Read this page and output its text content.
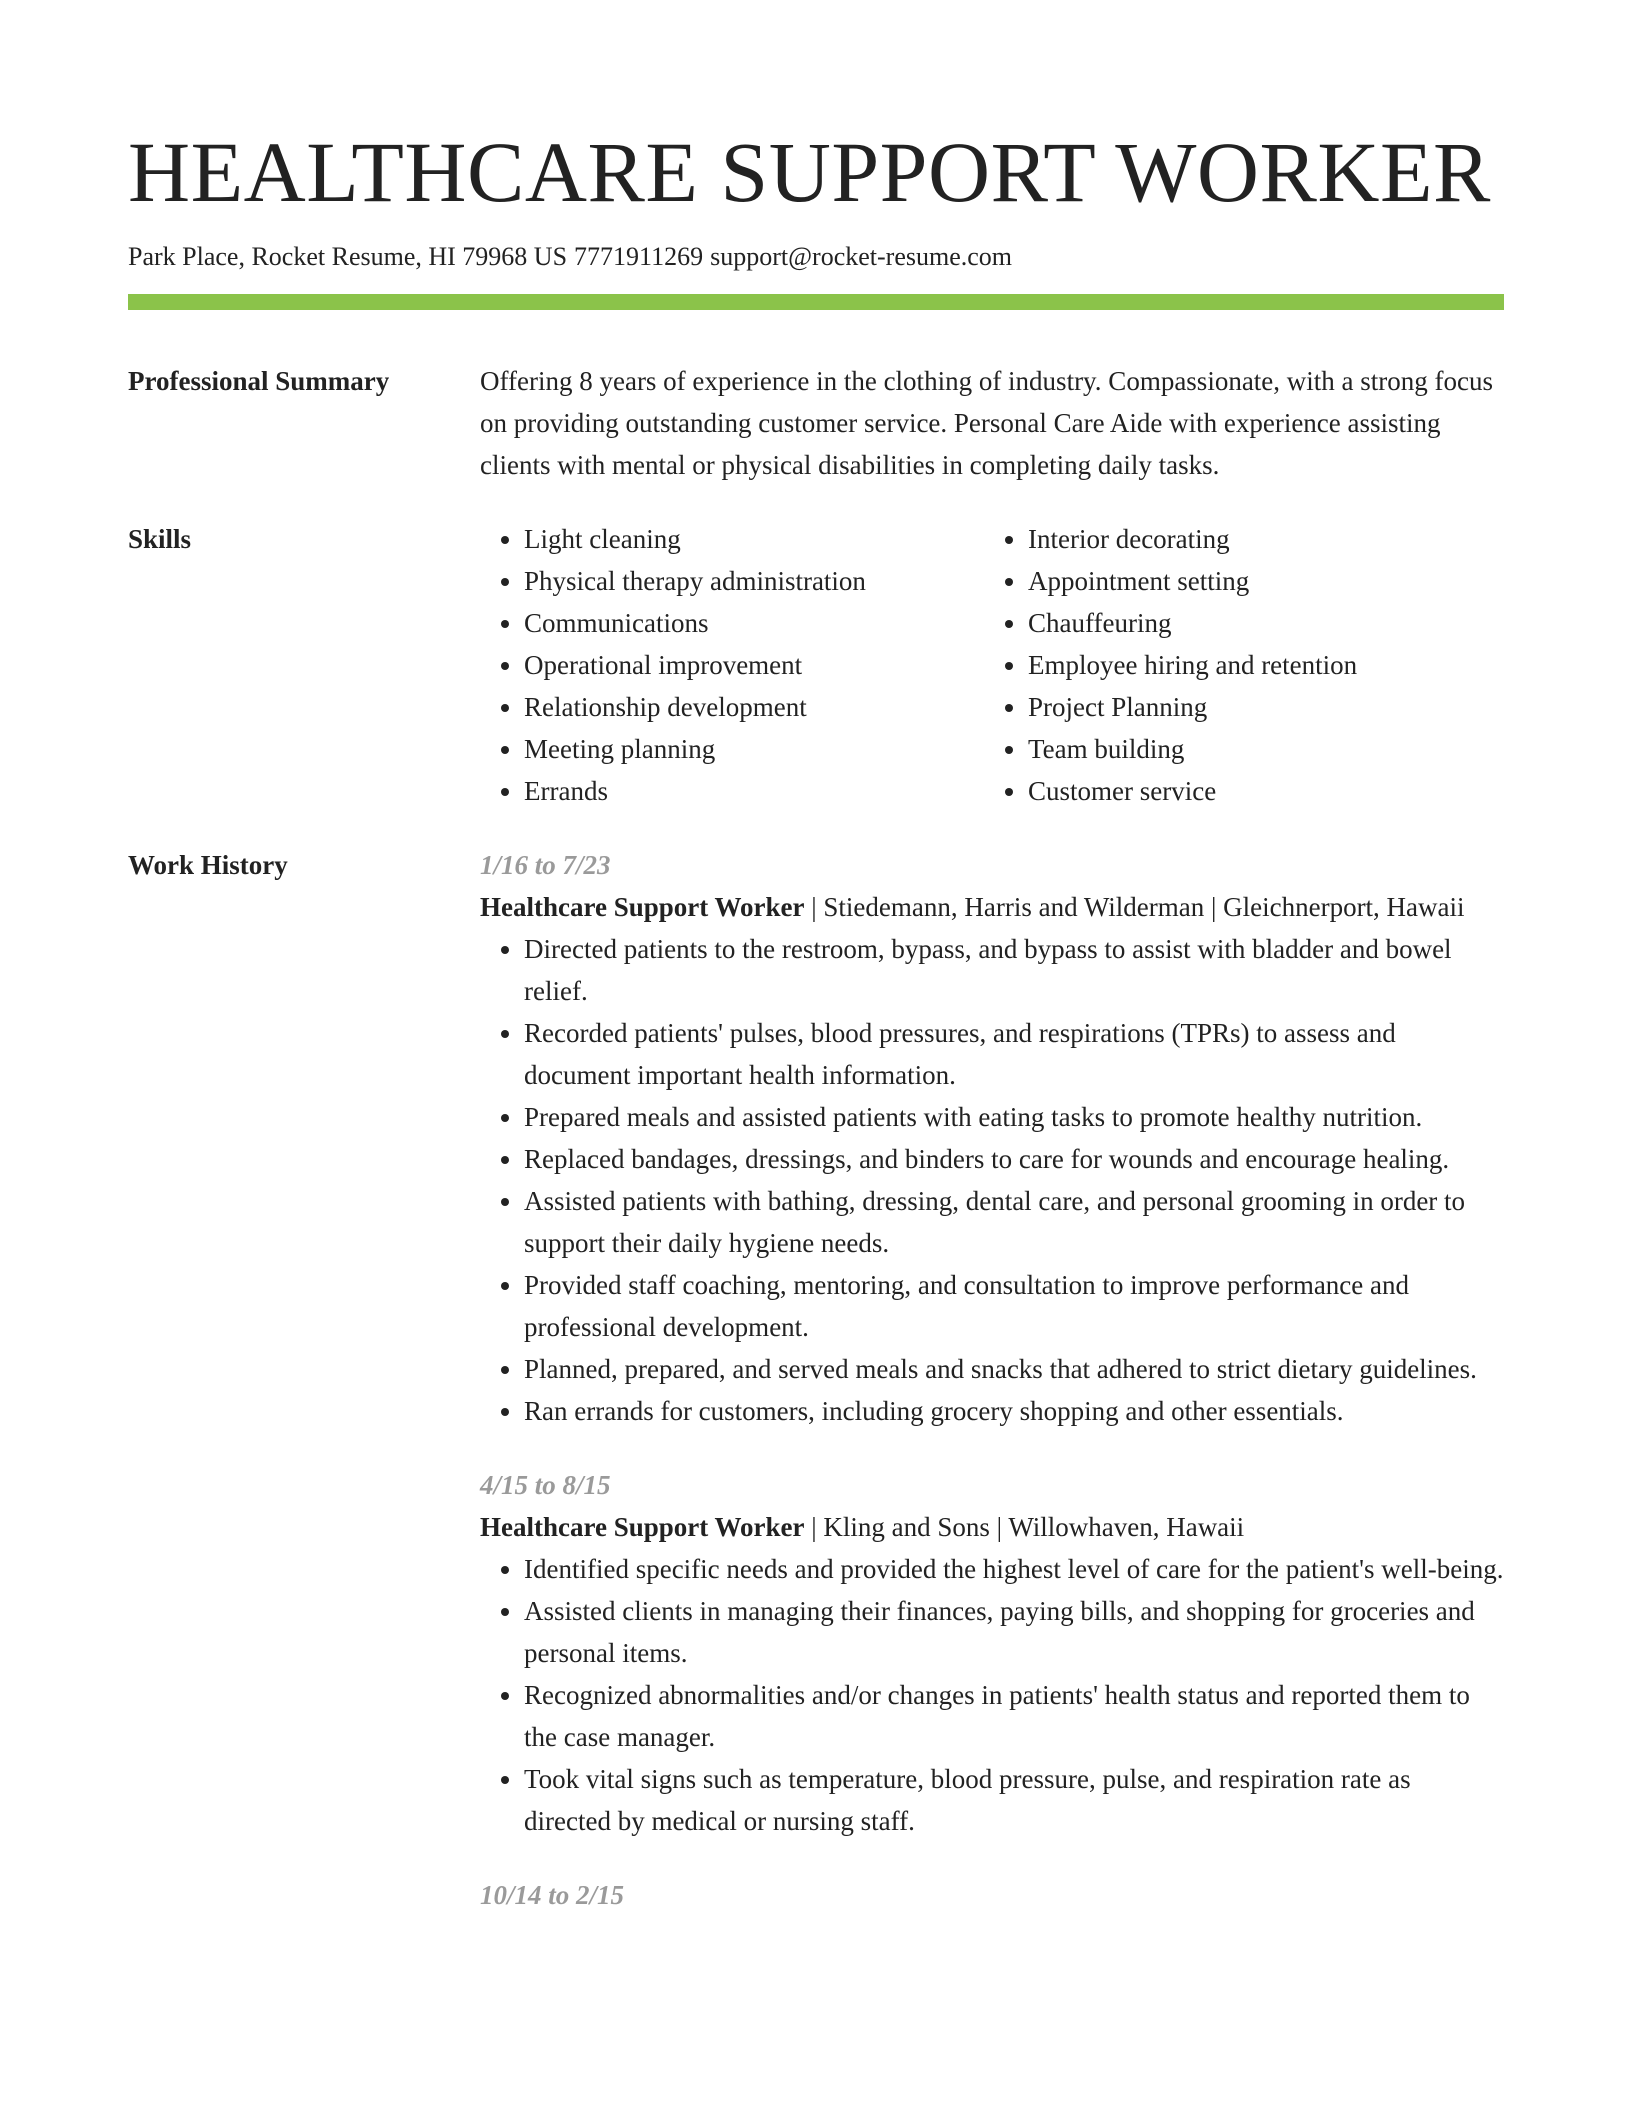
HEALTHCARE SUPPORT WORKER
Park Place, Rocket Resume, HI 79968 US 7771911269 support@rocket-resume.com
Professional Summary	Offering 8 years of experience in the clothing of industry. Compassionate, with a strong focus on providing outstanding customer service. Personal Care Aide with experience assisting clients with mental or physical disabilities in completing daily tasks.
Skills
•	Light cleaning
• Physical therapy administration
• Communications
• Operational improvement
• Relationship development
• Meeting planning
• Errands
• Interior decorating
• Appointment setting
• Chauffeuring
• Employee hiring and retention
• Project Planning
• Team building
• Customer service
Work History	1/16 to 7/23
Healthcare Support Worker | Stiedemann, Harris and Wilderman | Gleichnerport, Hawaii
• Directed patients to the restroom, bypass, and bypass to assist with bladder and bowel relief.
• Recorded patients' pulses, blood pressures, and respirations (TPRs) to assess and document important health information.
• Prepared meals and assisted patients with eating tasks to promote healthy nutrition.
• Replaced bandages, dressings, and binders to care for wounds and encourage healing.
• Assisted patients with bathing, dressing, dental care, and personal grooming in order to support their daily hygiene needs.
• Provided staff coaching, mentoring, and consultation to improve performance and professional development.
• Planned, prepared, and served meals and snacks that adhered to strict dietary guidelines.
• Ran errands for customers, including grocery shopping and other essentials.
4/15 to 8/15
Healthcare Support Worker | Kling and Sons | Willowhaven, Hawaii
• Identified specific needs and provided the highest level of care for the patient's well-being.
• Assisted clients in managing their finances, paying bills, and shopping for groceries and personal items.
• Recognized abnormalities and/or changes in patients' health status and reported them to the case manager.
• Took vital signs such as temperature, blood pressure, pulse, and respiration rate as directed by medical or nursing staff.
10/14 to 2/15
